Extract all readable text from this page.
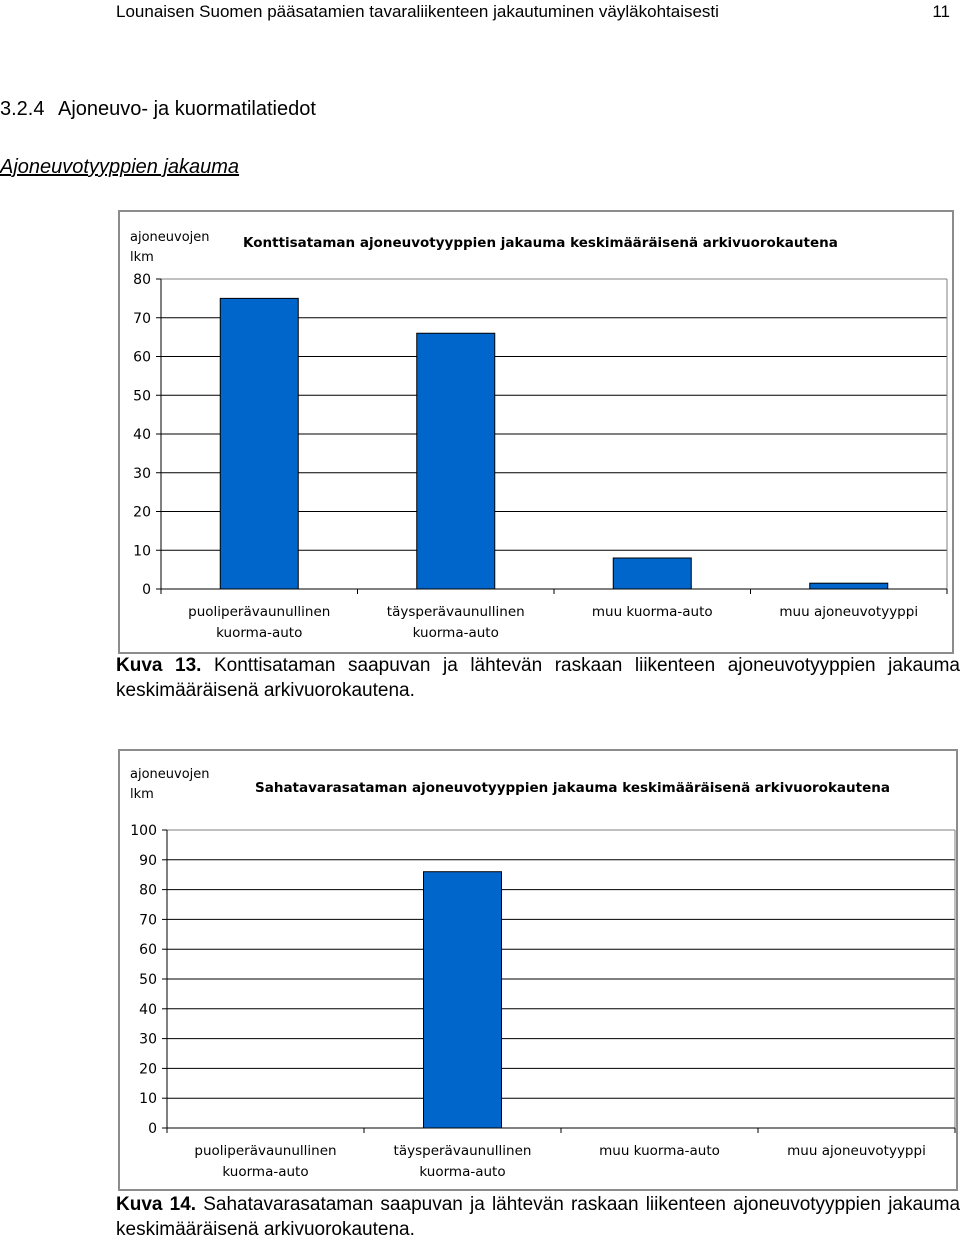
Lounaisen Suomen pääsatamien tavaraliikenteen jakautuminen väyläkohtaisesti	11
3.2.4 Ajoneuvo- ja kuormatilatiedot
Ajoneuvotyyppien jakauma
ajoneuvojen
lkm
Konttisataman ajoneuvotyyppien jakauma keskimääräisenä arkivuorokautena
0
10
20
30
40
50
60
70
80
puoliperävaunullinen
kuorma-auto
täysperävaunullinen
kuorma-auto
muu kuorma-auto	muu ajoneuvotyyppi
Kuva 13. Konttisataman saapuvan ja lähtevän raskaan liikenteen ajoneuvotyyppien jakauma keskimääräisenä arkivuorokautena.
ajoneuvojen
lkm	Sahatavarasataman ajoneuvotyyppien jakauma keskimääräisenä arkivuorokautena
0
10
20
30
40
50
60
70
80
90
100
puoliperävaunullinen
kuorma-auto
täysperävaunullinen
kuorma-auto
muu kuorma-auto	muu ajoneuvotyyppi
Kuva 14. Sahatavarasataman saapuvan ja lähtevän raskaan liikenteen ajoneuvotyyppien jakauma keskimääräisenä arkivuorokautena.
